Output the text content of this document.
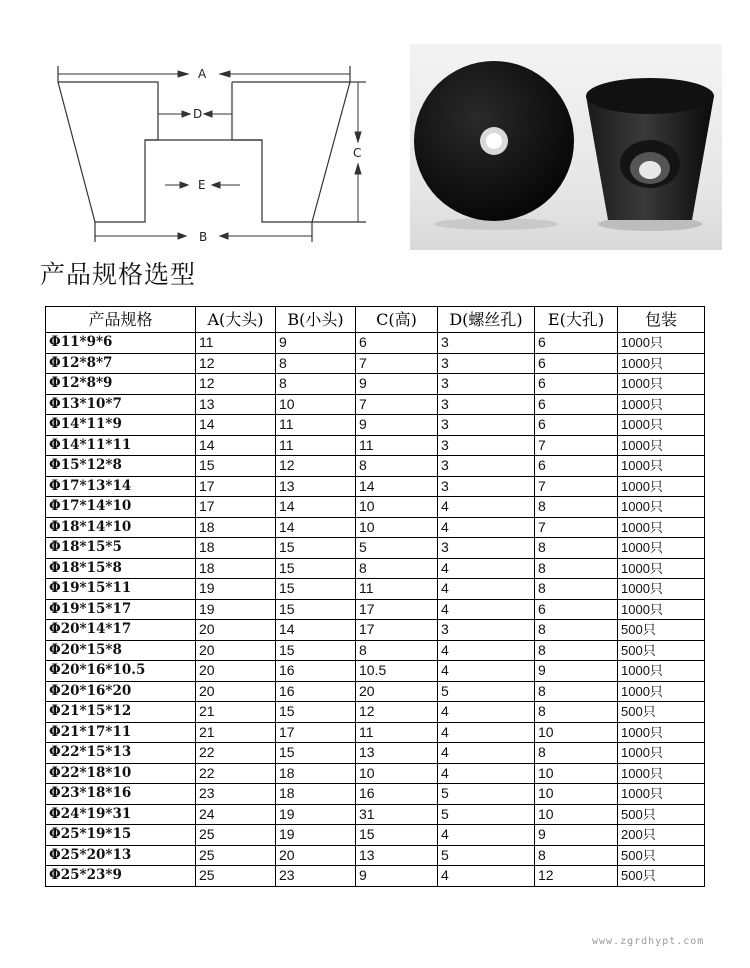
A
D
E
B
C
产品规格选型
产品规格	A(大头)	B(小头)	C(高)	D(螺丝孔)	E(大孔)	包装
Φ11*9*6	11	9	6	3	6	1000只
Φ12*8*7	12	8	7	3	6	1000只
Φ12*8*9	12	8	9	3	6	1000只
Φ13*10*7	13	10	7	3	6	1000只
Φ14*11*9	14	11	9	3	6	1000只
Φ14*11*11	14	11	11	3	7	1000只
Φ15*12*8	15	12	8	3	6	1000只
Φ17*13*14	17	13	14	3	7	1000只
Φ17*14*10	17	14	10	4	8	1000只
Φ18*14*10	18	14	10	4	7	1000只
Φ18*15*5	18	15	5	3	8	1000只
Φ18*15*8	18	15	8	4	8	1000只
Φ19*15*11	19	15	11	4	8	1000只
Φ19*15*17	19	15	17	4	6	1000只
Φ20*14*17	20	14	17	3	8	500只
Φ20*15*8	20	15	8	4	8	500只
Φ20*16*10.5	20	16	10.5	4	9	1000只
Φ20*16*20	20	16	20	5	8	1000只
Φ21*15*12	21	15	12	4	8	500只
Φ21*17*11	21	17	11	4	10	1000只
Φ22*15*13	22	15	13	4	8	1000只
Φ22*18*10	22	18	10	4	10	1000只
Φ23*18*16	23	18	16	5	10	1000只
Φ24*19*31	24	19	31	5	10	500只
Φ25*19*15	25	19	15	4	9	200只
Φ25*20*13	25	20	13	5	8	500只
Φ25*23*9	25	23	9	4	12	500只
www.zgrdhypt.com
